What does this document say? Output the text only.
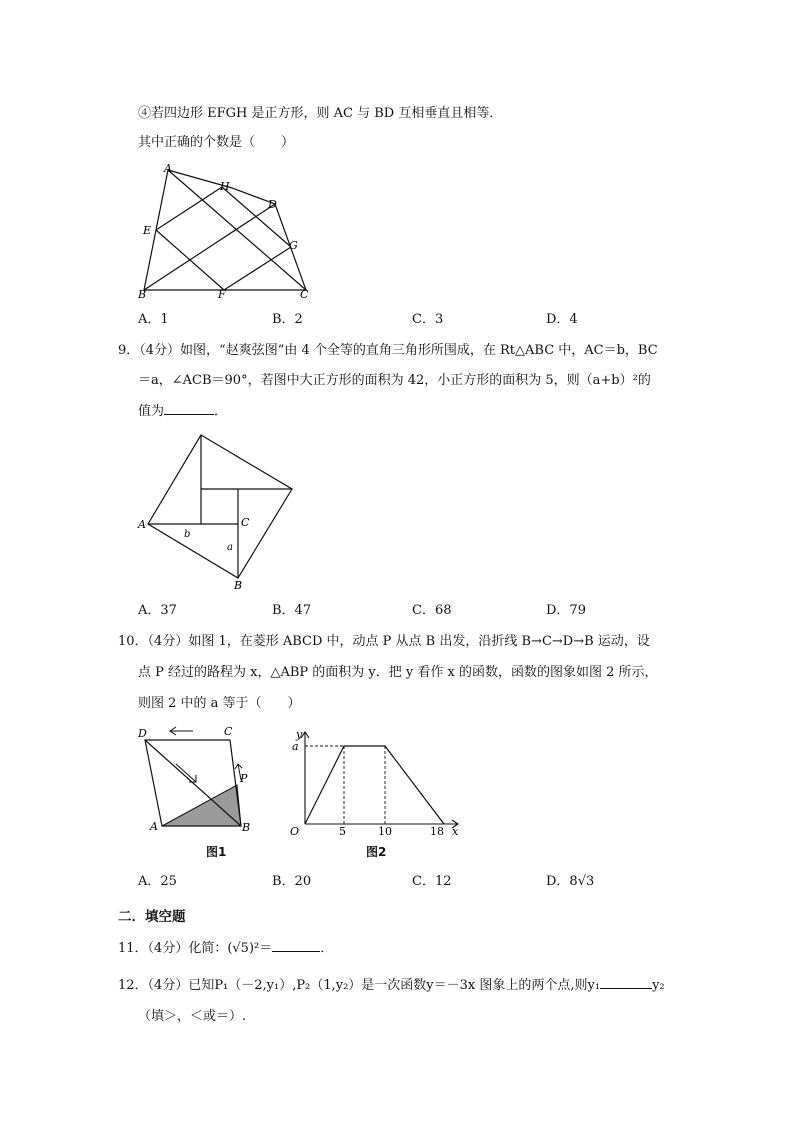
④若四边形 EFGH 是正方形，则 AC 与 BD 互相垂直且相等．
其中正确的个数是（　　）
A
H
D
E
G
B	F	C
A．1	B．2	C．3	D．4
9．（4分）如图，“赵爽弦图”由 4 个全等的直角三角形所围成，在 Rt△ABC 中，AC＝b，BC
＝a，∠ACB＝90°，若图中大正方形的面积为 42，小正方形的面积为 5，则（a+b）²的
值为	．
A	C
b
a
B
A．37	B．47	C．68	D．79
10．（4分）如图 1，在菱形 ABCD 中，动点 P 从点 B 出发，沿折线 B→C→D→B 运动，设
点 P 经过的路程为 x，△ABP 的面积为 y．把 y 看作 x 的函数，函数的图象如图 2 所示，
则图 2 中的 a 等于（　　）
D	C
P
A	B
图1
y
a
O	5	10	18 x
图2
A．25	B．20	C．12	D．8√3
二．填空题
11．（4分）化简：(√5)²＝	．
12．（4分）已知P₁（－2,y₁）,P₂（1,y₂）是一次函数y＝－3x 图象上的两个点,则y₁	y₂
（填＞，＜或＝）.
